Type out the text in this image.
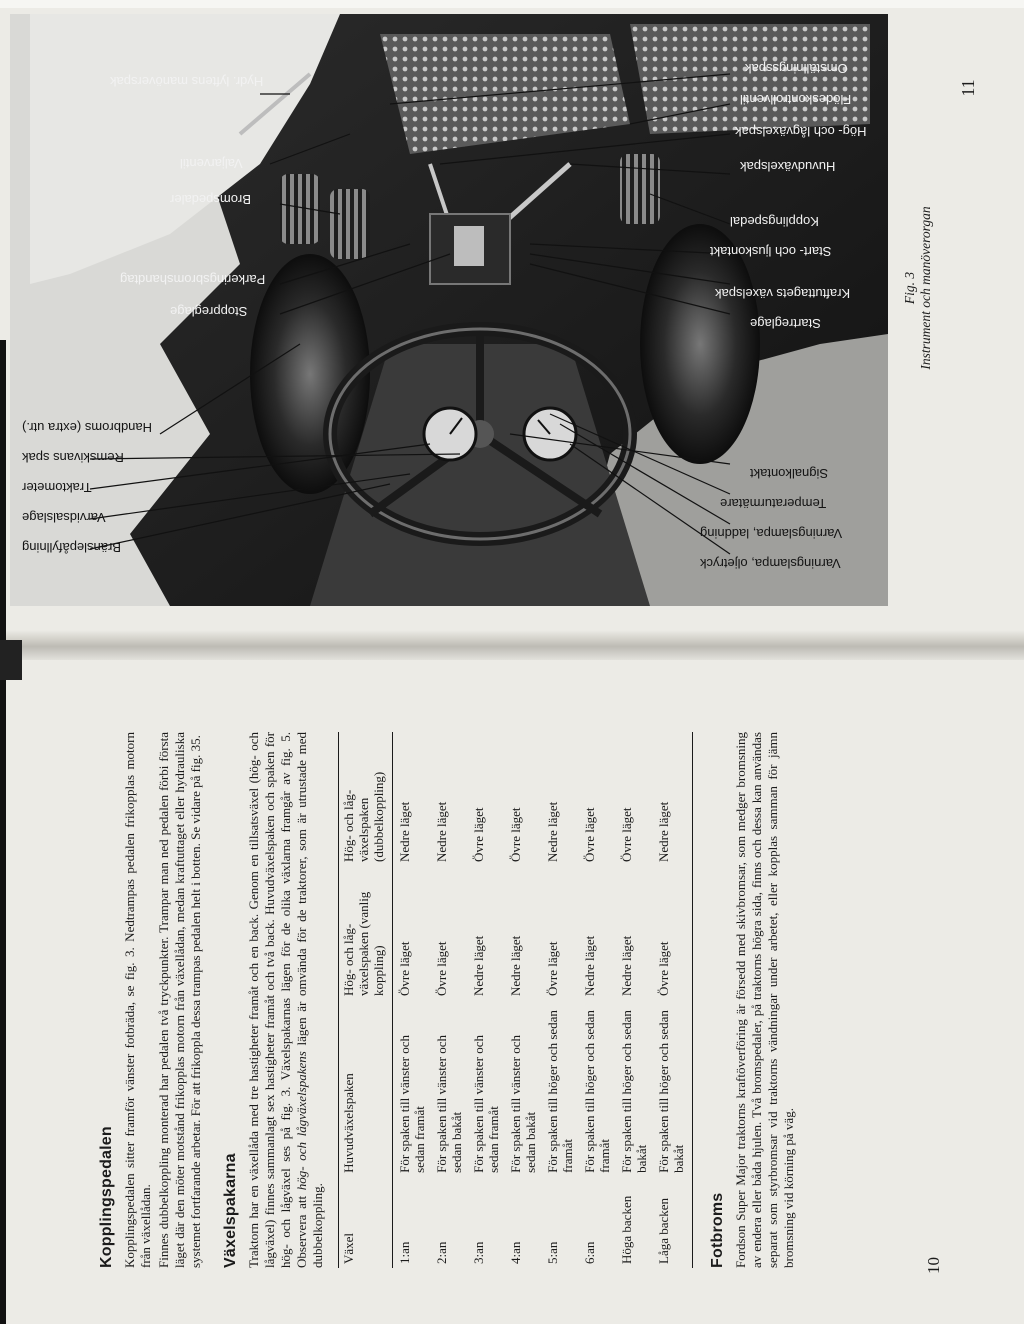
Bränslepåfyllning
Varvidsalslage
Traktometer
Remskivans spak
Handbroms (extra utr.)
Varningslampa, oljetryck
Varningslampa, laddning
Temperaturmätare
Signalkontakt
Startreglage
Kraftuttagets växelspak
Start- och ljuskontakt
Kopplingspedal
Huvudväxelspak
Hög- och lågväxelspak
Flödeskontrollventil
Omställningsspak
Stoppreglage
Parkeringsbromshandtag
Bromspedaler
Valjarventil
Hydr. lyftens manöverspak
Fig. 3 Instrument och manöverorgan
11
Kopplingspedalen Kopplingspedalen sitter framför vänster fotbräda, se fig. 3. Nedtrampas pedalen frikopplas motorn från växellådan. Finnes dubbelkoppling monterad har pedalen två tryckpunkter. Trampar man ned pedalen förbi första läget där den möter motstånd frikopplas motorn från växellådan, medan kraftuttaget eller hydrauliska systemet fortfarande arbetar. För att frikoppla dessa trampas pedalen helt i botten. Se vidare på fig. 35. Växelspakarna Traktorn har en växellåda med tre hastigheter framåt och en back. Genom en tillsatsväxel (hög- och lågväxel) finnes sammanlagt sex hastigheter framåt och två back. Huvudväxelspaken och spaken för hög- och lågväxel ses på fig. 3. Växelspakarnas lägen för de olika växlarna framgår av fig. 5. Observera att hög- och lågväxelspakens lägen är omvända för de traktorer, som är utrustade med dubbelkoppling. Växel	Huvudväxelspaken	Hög- och låg-växelspaken (vanlig koppling)	Hög- och låg-växelspaken (dubbelkoppling)
1:an	För spaken till vänster och sedan framåt	Övre läget	Nedre läget
2:an	För spaken till vänster och sedan bakåt	Övre läget	Nedre läget
3:an	För spaken till vänster och sedan framåt	Nedre läget	Övre läget
4:an	För spaken till vänster och sedan bakåt	Nedre läget	Övre läget
5:an	För spaken till höger och sedan framåt	Övre läget	Nedre läget
6:an	För spaken till höger och sedan framåt	Nedre läget	Övre läget
Höga backen	För spaken till höger och sedan bakåt	Nedre läget	Övre läget
Låga backen	För spaken till höger och sedan bakåt	Övre läget	Nedre läget
Fotbroms Fordson Super Major traktorns kraftöverföring är försedd med skivbromsar, som medger bromsning av endera eller båda hjulen. Två bromspedaler, på traktorns högra sida, finns och dessa kan användas separat som styrbromsar vid traktorns vändningar under arbetet, eller kopplas samman för jämn bromsning vid körning på väg.	10
